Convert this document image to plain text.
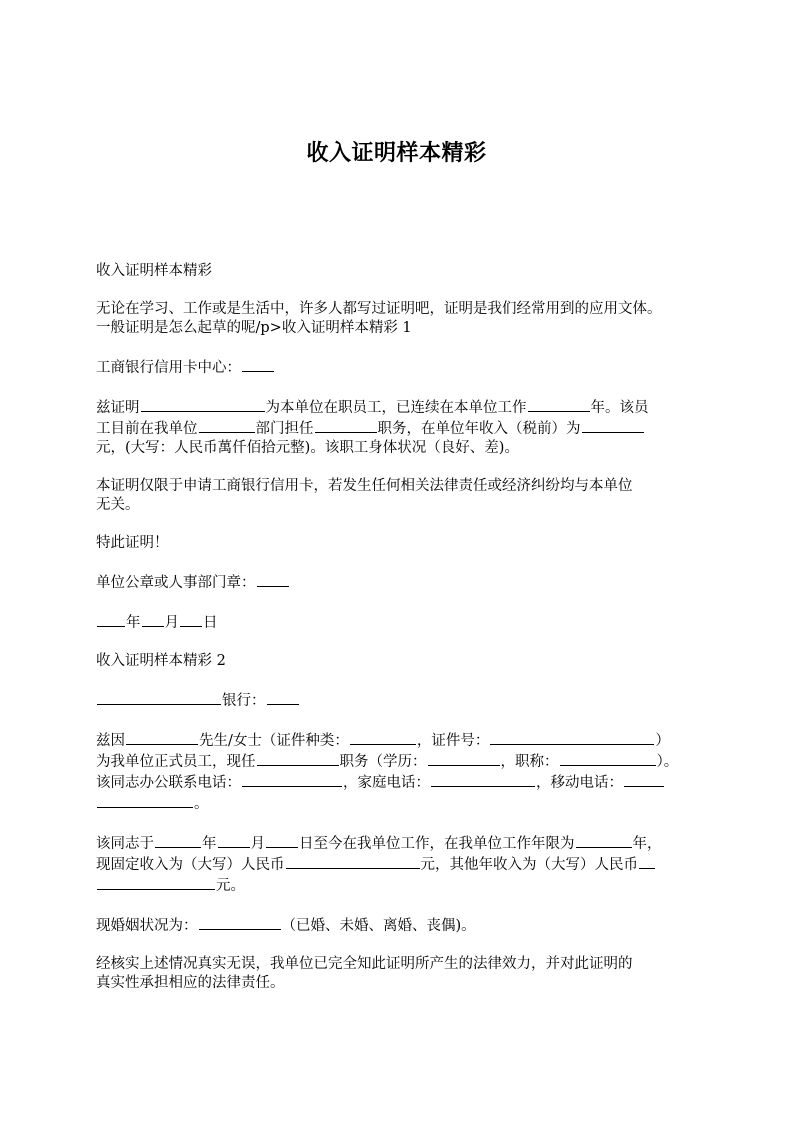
收入证明样本精彩
收入证明样本精彩
无论在学习、工作或是生活中，许多人都写过证明吧，证明是我们经常用到的应用文体。
一般证明是怎么起草的呢/p>收入证明样本精彩 1
工商银行信用卡中心：
兹证明	为本单位在职员工，已连续在本单位工作	年。该员
工目前在我单位	部门担任	职务，在单位年收入（税前）为
元，(大写：人民币萬仟佰拾元整)。该职工身体状况（良好、差)。
本证明仅限于申请工商银行信用卡，若发生任何相关法律责任或经济纠纷均与本单位
无关。
特此证明！
单位公章或人事部门章：
年 月 日
收入证明样本精彩 2
银行：
兹因	先生/女士（证件种类：	，证件号：	）
为我单位正式员工，现任	职务（学历：	，职称：	）。
该同志办公联系电话：	，家庭电话：	，移动电话：
。
该同志于	年 月 日至今在我单位工作，在我单位工作年限为	年，
现固定收入为（大写）人民币	元，其他年收入为（大写）人民币
元。
现婚姻状况为：	（已婚、未婚、离婚、丧偶)。
经核实上述情况真实无误，我单位已完全知此证明所产生的法律效力，并对此证明的
真实性承担相应的法律责任。
